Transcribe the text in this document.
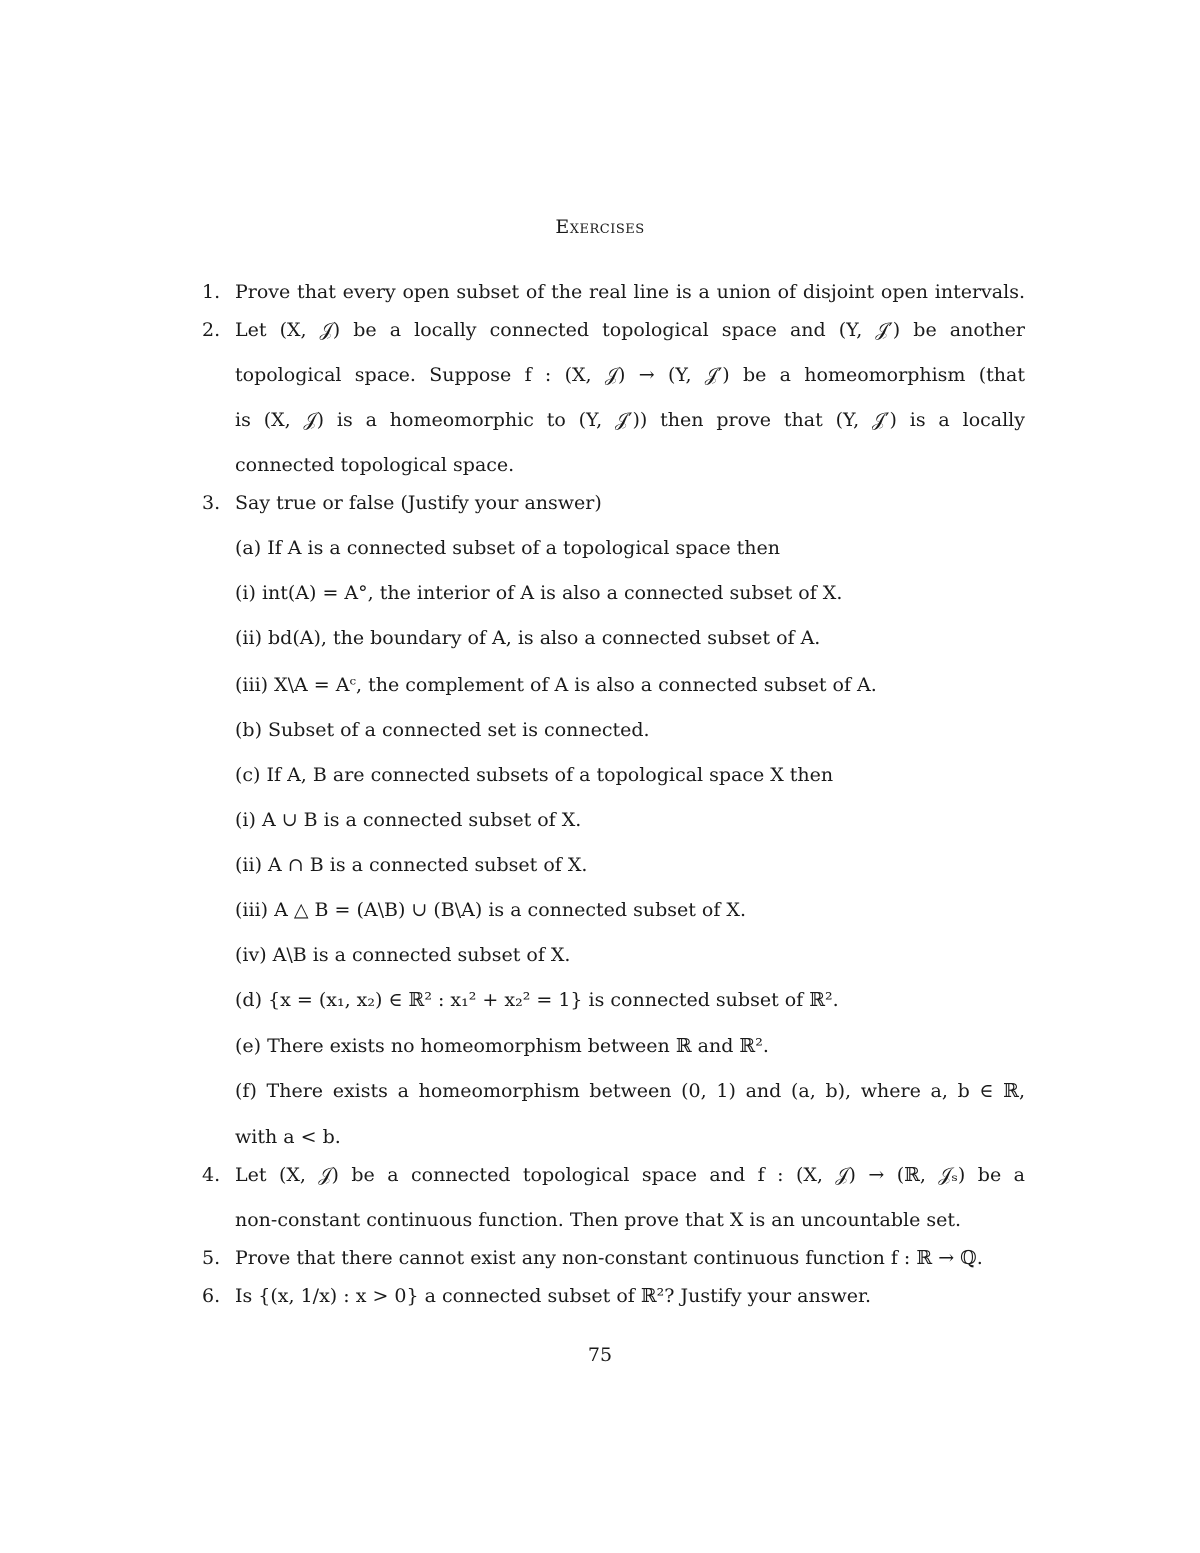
Exercises
1. Prove that every open subset of the real line is a union of disjoint open intervals.
2. Let (X, 𝒥) be a locally connected topological space and (Y, 𝒥′) be another
topological space. Suppose f : (X, 𝒥) → (Y, 𝒥′) be a homeomorphism (that
is (X, 𝒥) is a homeomorphic to (Y, 𝒥′)) then prove that (Y, 𝒥′) is a locally
connected topological space.
3. Say true or false (Justify your answer)
(a) If A is a connected subset of a topological space then
(i) int(A) = A°, the interior of A is also a connected subset of X.
(ii) bd(A), the boundary of A, is also a connected subset of A.
(iii) X\A = Aᶜ, the complement of A is also a connected subset of A.
(b) Subset of a connected set is connected.
(c) If A, B are connected subsets of a topological space X then
(i) A ∪ B is a connected subset of X.
(ii) A ∩ B is a connected subset of X.
(iii) A △ B = (A\B) ∪ (B\A) is a connected subset of X.
(iv) A\B is a connected subset of X.
(d) {x = (x₁, x₂) ∈ ℝ² : x₁² + x₂² = 1} is connected subset of ℝ².
(e) There exists no homeomorphism between ℝ and ℝ².
(f) There exists a homeomorphism between (0, 1) and (a, b), where a, b ∈ ℝ,
with a < b.
4. Let (X, 𝒥) be a connected topological space and f : (X, 𝒥) → (ℝ, 𝒥ₛ) be a
non-constant continuous function. Then prove that X is an uncountable set.
5. Prove that there cannot exist any non-constant continuous function f : ℝ → ℚ.
6. Is {(x, 1/x) : x > 0} a connected subset of ℝ²? Justify your answer.
75
